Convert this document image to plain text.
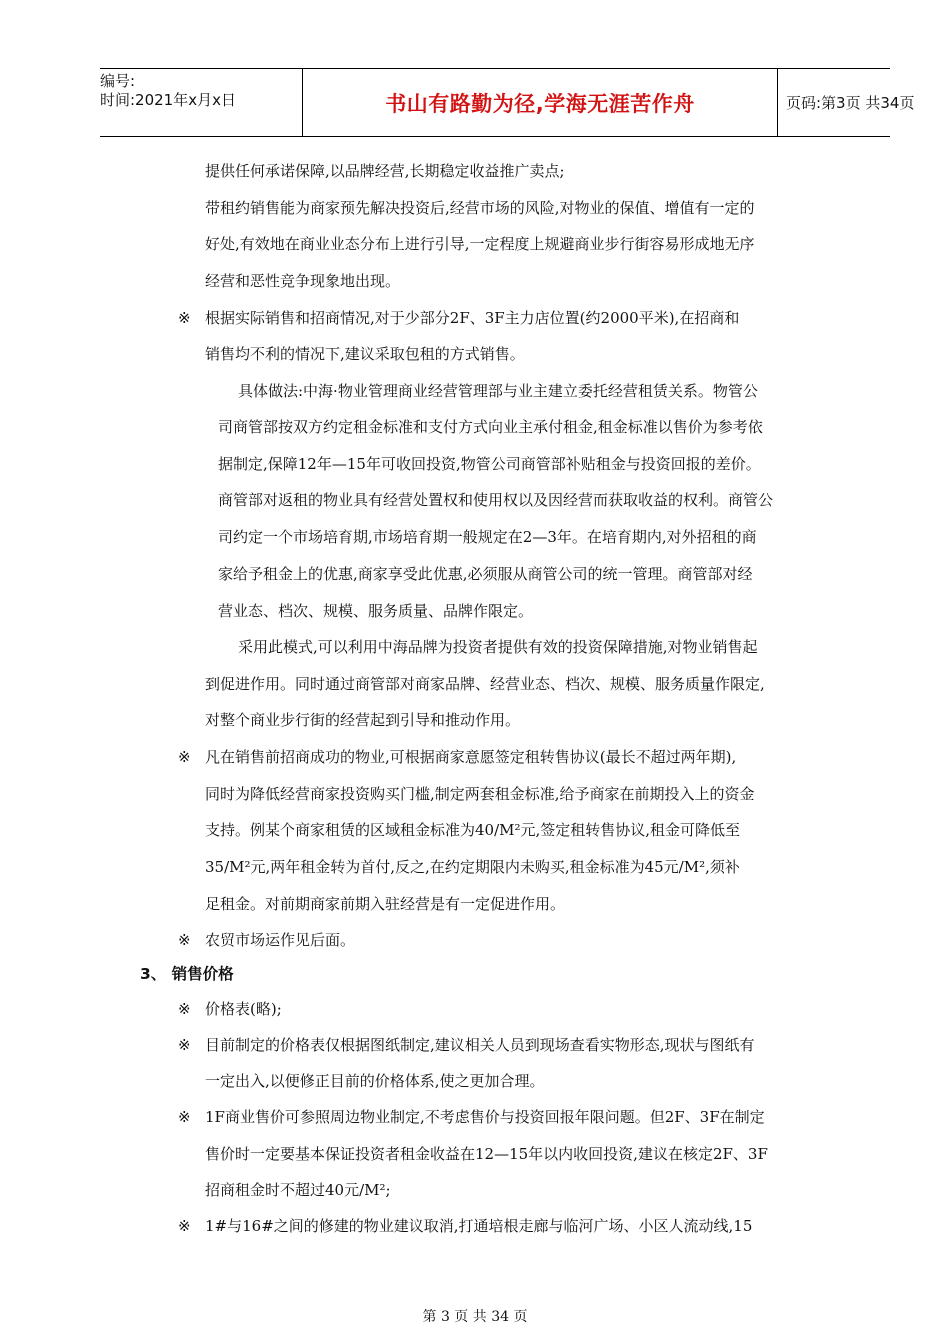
编号:
时间:2021年x月x日	书山有路勤为径,学海无涯苦作舟	页码:第3页 共34页
提供任何承诺保障,以品牌经营,长期稳定收益推广卖点;
带租约销售能为商家预先解决投资后,经营市场的风险,对物业的保值、增值有一定的
好处,有效地在商业业态分布上进行引导,一定程度上规避商业步行街容易形成地无序
经营和恶性竞争现象地出现。
※ 根据实际销售和招商情况,对于少部分2F、3F主力店位置(约2000平米),在招商和
销售均不利的情况下,建议采取包租的方式销售。
具体做法:中海·物业管理商业经营管理部与业主建立委托经营租赁关系。物管公
司商管部按双方约定租金标准和支付方式向业主承付租金,租金标准以售价为参考依
据制定,保障12年—15年可收回投资,物管公司商管部补贴租金与投资回报的差价。
商管部对返租的物业具有经营处置权和使用权以及因经营而获取收益的权利。商管公
司约定一个市场培育期,市场培育期一般规定在2—3年。在培育期内,对外招租的商
家给予租金上的优惠,商家享受此优惠,必须服从商管公司的统一管理。商管部对经
营业态、档次、规模、服务质量、品牌作限定。
采用此模式,可以利用中海品牌为投资者提供有效的投资保障措施,对物业销售起
到促进作用。同时通过商管部对商家品牌、经营业态、档次、规模、服务质量作限定,
对整个商业步行街的经营起到引导和推动作用。
※ 凡在销售前招商成功的物业,可根据商家意愿签定租转售协议(最长不超过两年期),
同时为降低经营商家投资购买门槛,制定两套租金标准,给予商家在前期投入上的资金
支持。例某个商家租赁的区域租金标准为40/M²元,签定租转售协议,租金可降低至
35/M²元,两年租金转为首付,反之,在约定期限内未购买,租金标准为45元/M²,须补
足租金。对前期商家前期入驻经营是有一定促进作用。
※ 农贸市场运作见后面。
3、 销售价格
※ 价格表(略);
※ 目前制定的价格表仅根据图纸制定,建议相关人员到现场查看实物形态,现状与图纸有
一定出入,以便修正目前的价格体系,使之更加合理。
※ 1F商业售价可参照周边物业制定,不考虑售价与投资回报年限问题。但2F、3F在制定
售价时一定要基本保证投资者租金收益在12—15年以内收回投资,建议在核定2F、3F
招商租金时不超过40元/M²;
※ 1#与16#之间的修建的物业建议取消,打通培根走廊与临河广场、小区人流动线,15
第 3 页 共 34 页
